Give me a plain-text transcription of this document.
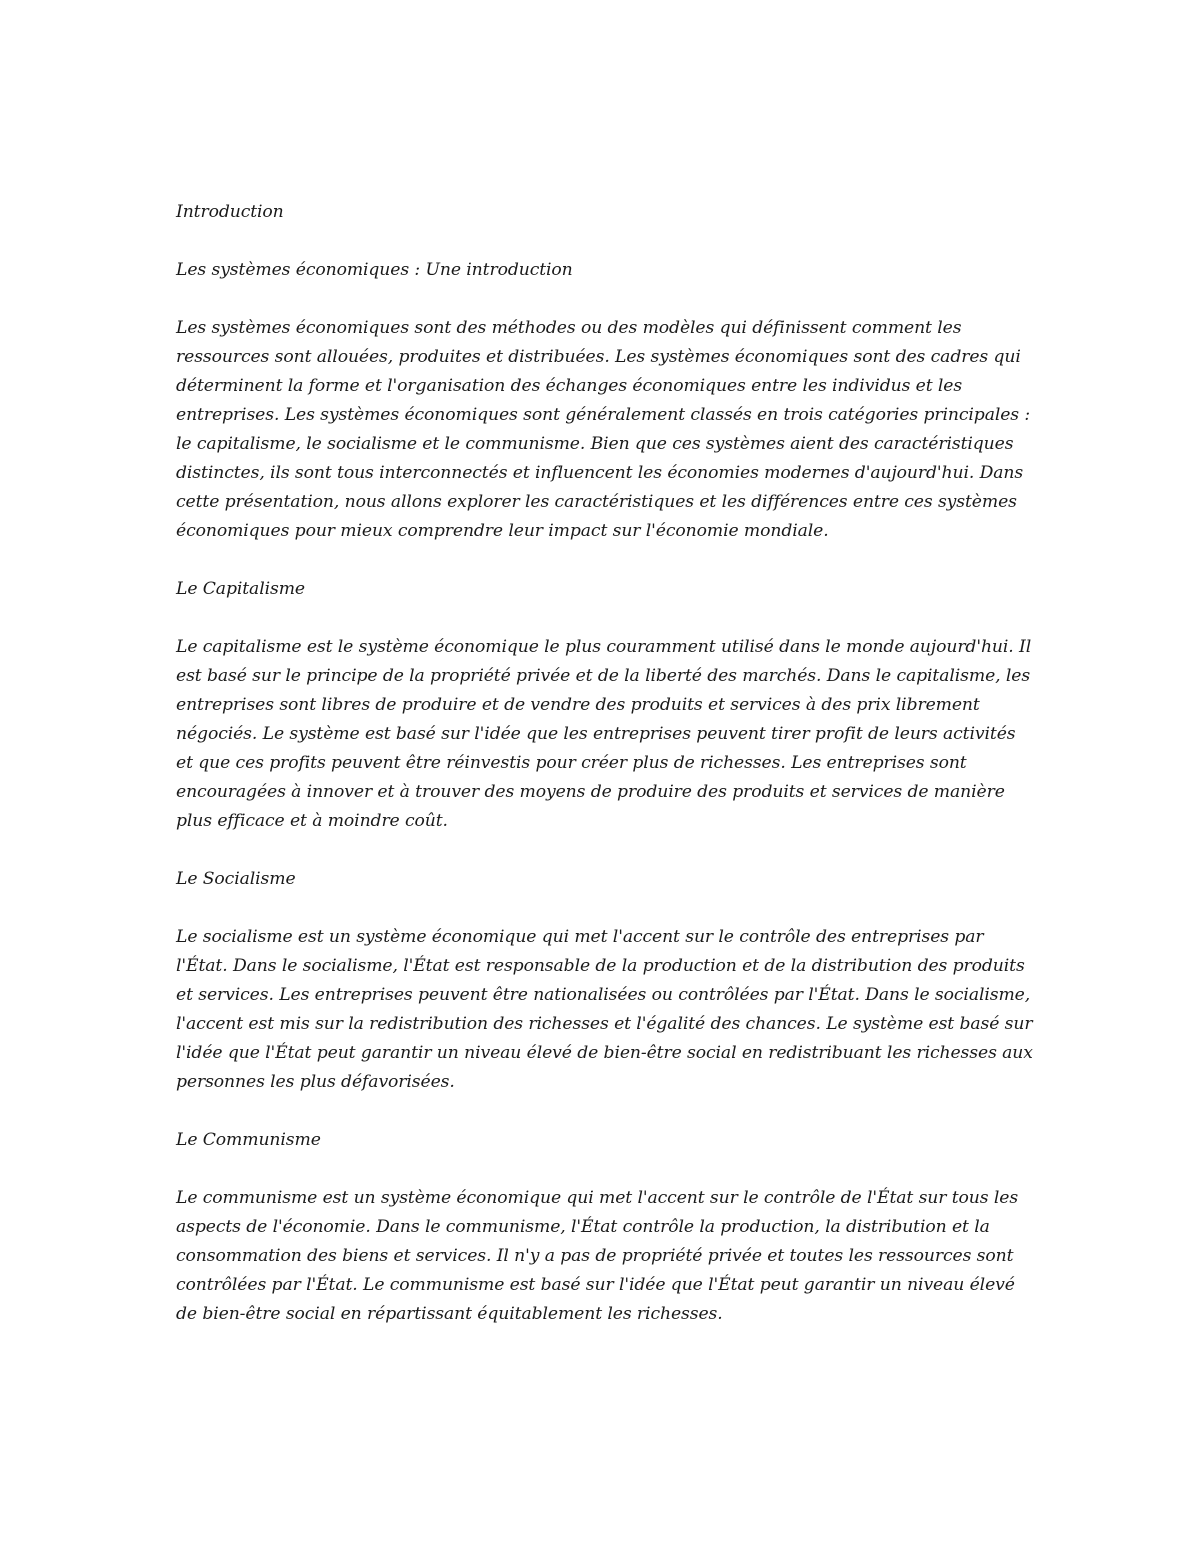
Introduction

Les systèmes économiques : Une introduction

Les systèmes économiques sont des méthodes ou des modèles qui définissent comment les ressources sont allouées, produites et distribuées. Les systèmes économiques sont des cadres qui déterminent la forme et l'organisation des échanges économiques entre les individus et les entreprises. Les systèmes économiques sont généralement classés en trois catégories principales : le capitalisme, le socialisme et le communisme. Bien que ces systèmes aient des caractéristiques distinctes, ils sont tous interconnectés et influencent les économies modernes d'aujourd'hui. Dans cette présentation, nous allons explorer les caractéristiques et les différences entre ces systèmes économiques pour mieux comprendre leur impact sur l'économie mondiale.

Le Capitalisme

Le capitalisme est le système économique le plus couramment utilisé dans le monde aujourd'hui. Il est basé sur le principe de la propriété privée et de la liberté des marchés. Dans le capitalisme, les entreprises sont libres de produire et de vendre des produits et services à des prix librement négociés. Le système est basé sur l'idée que les entreprises peuvent tirer profit de leurs activités et que ces profits peuvent être réinvestis pour créer plus de richesses. Les entreprises sont encouragées à innover et à trouver des moyens de produire des produits et services de manière plus efficace et à moindre coût.

Le Socialisme

Le socialisme est un système économique qui met l'accent sur le contrôle des entreprises par l'État. Dans le socialisme, l'État est responsable de la production et de la distribution des produits et services. Les entreprises peuvent être nationalisées ou contrôlées par l'État. Dans le socialisme, l'accent est mis sur la redistribution des richesses et l'égalité des chances. Le système est basé sur l'idée que l'État peut garantir un niveau élevé de bien-être social en redistribuant les richesses aux personnes les plus défavorisées.

Le Communisme

Le communisme est un système économique qui met l'accent sur le contrôle de l'État sur tous les aspects de l'économie. Dans le communisme, l'État contrôle la production, la distribution et la consommation des biens et services. Il n'y a pas de propriété privée et toutes les ressources sont contrôlées par l'État. Le communisme est basé sur l'idée que l'État peut garantir un niveau élevé de bien-être social en répartissant équitablement les richesses.
